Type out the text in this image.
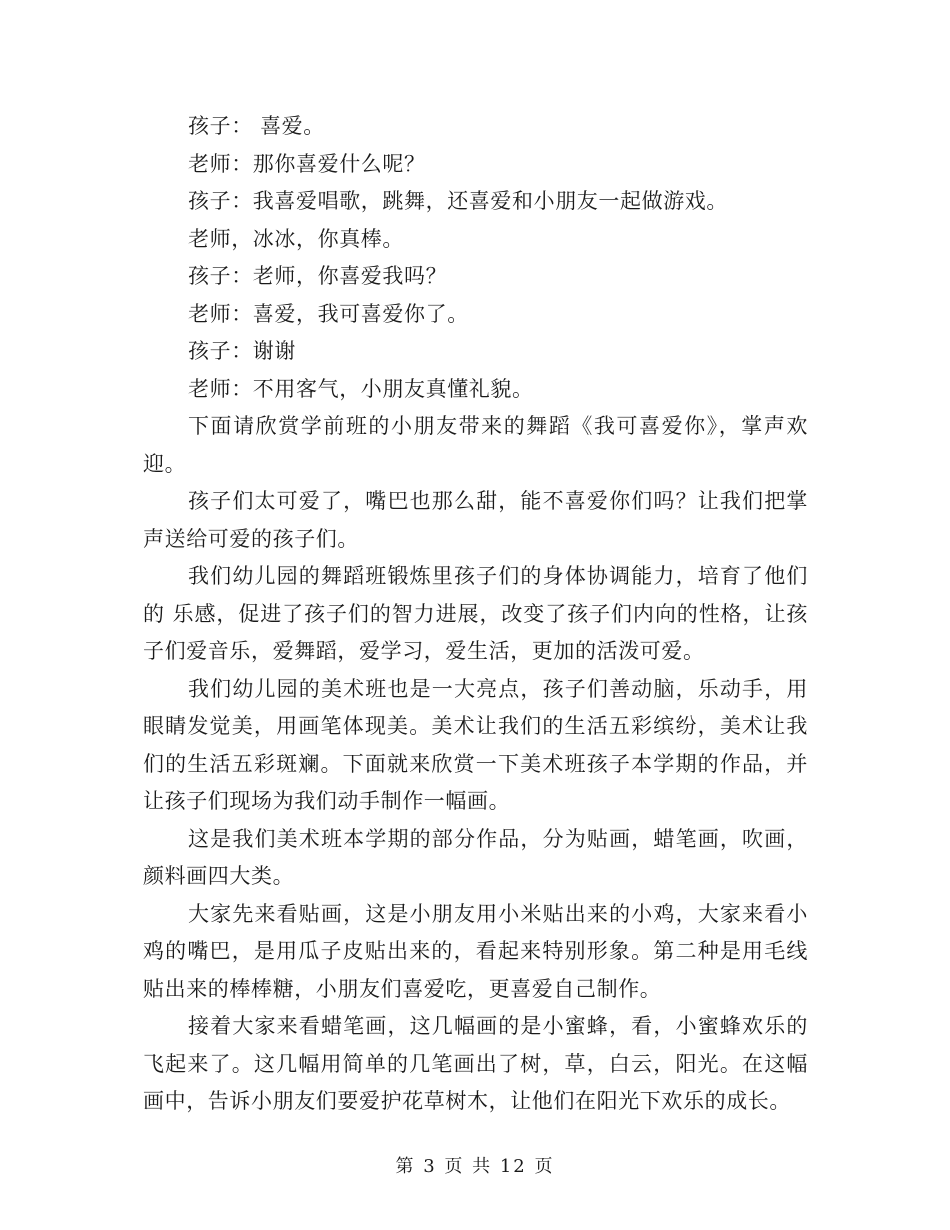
孩子： 喜爱。

老师：那你喜爱什么呢？

孩子：我喜爱唱歌，跳舞，还喜爱和小朋友一起做游戏。

老师，冰冰，你真棒。

孩子：老师，你喜爱我吗？

老师：喜爱，我可喜爱你了。

孩子：谢谢

老师：不用客气，小朋友真懂礼貌。

下面请欣赏学前班的小朋友带来的舞蹈《我可喜爱你》，掌声欢迎。

孩子们太可爱了，嘴巴也那么甜，能不喜爱你们吗？让我们把掌声送给可爱的孩子们。

我们幼儿园的舞蹈班锻炼里孩子们的身体协调能力，培育了他们的 乐感，促进了孩子们的智力进展，改变了孩子们内向的性格，让孩子们爱音乐，爱舞蹈，爱学习，爱生活，更加的活泼可爱。

我们幼儿园的美术班也是一大亮点，孩子们善动脑，乐动手，用眼睛发觉美，用画笔体现美。美术让我们的生活五彩缤纷，美术让我们的生活五彩斑斓。下面就来欣赏一下美术班孩子本学期的作品，并让孩子们现场为我们动手制作一幅画。

这是我们美术班本学期的部分作品，分为贴画，蜡笔画，吹画，颜料画四大类。

大家先来看贴画，这是小朋友用小米贴出来的小鸡，大家来看小鸡的嘴巴，是用瓜子皮贴出来的，看起来特别形象。第二种是用毛线贴出来的棒棒糖，小朋友们喜爱吃，更喜爱自己制作。

接着大家来看蜡笔画，这几幅画的是小蜜蜂，看，小蜜蜂欢乐的飞起来了。这几幅用简单的几笔画出了树，草，白云，阳光。在这幅画中，告诉小朋友们要爱护花草树木，让他们在阳光下欢乐的成长。

第 3 页 共 12 页
